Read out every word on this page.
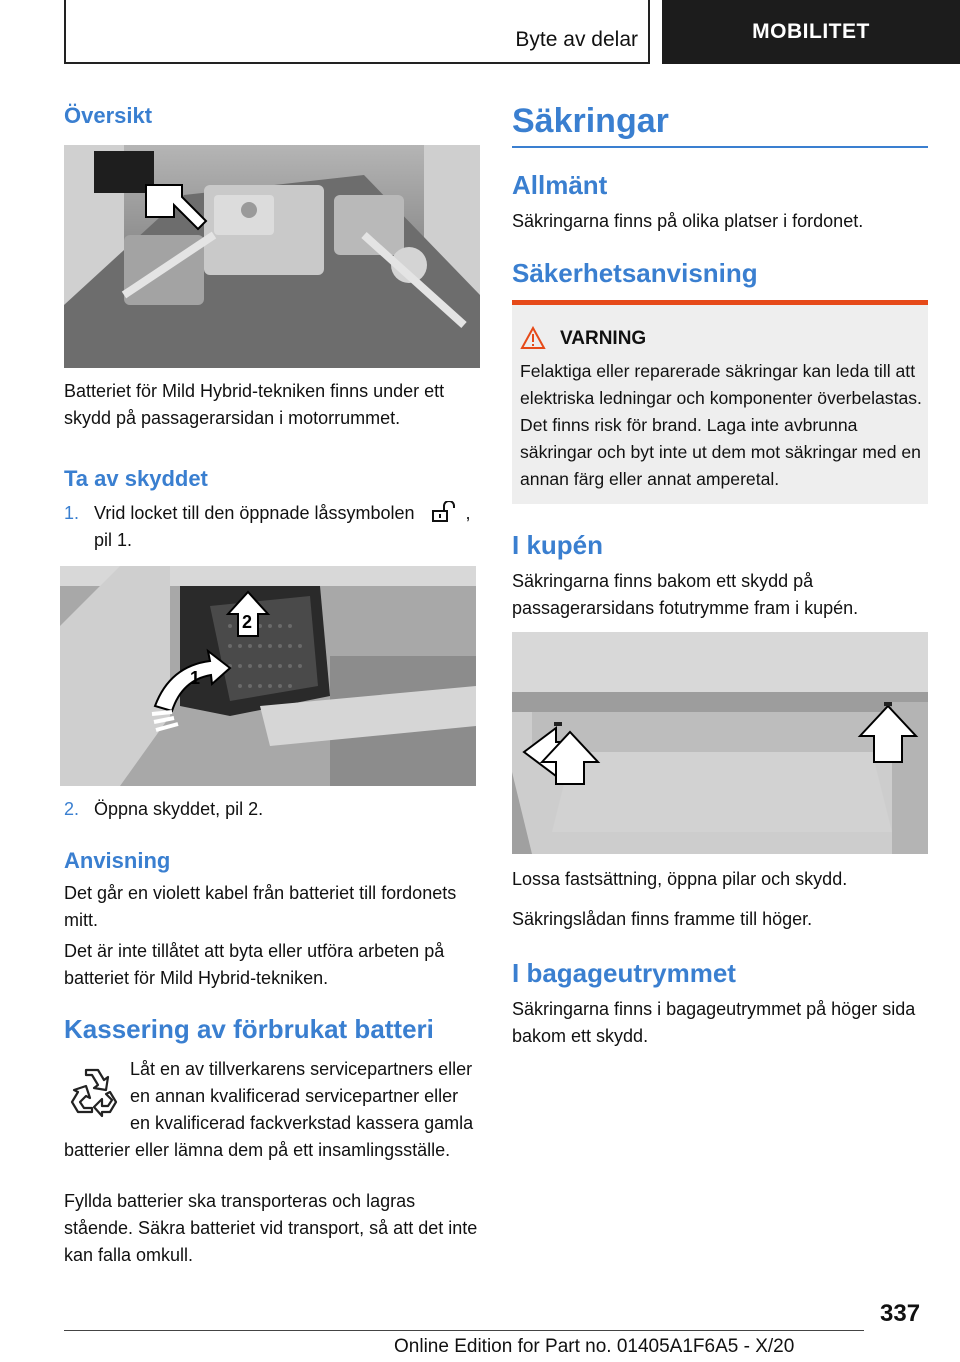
Byte av delar	MOBILITET
Översikt

Batteriet för Mild Hybrid-tekniken finns under ett skydd på passagerarsidan i motorrummet.

Ta av skyddet
1. Vrid locket till den öppnade låssymbolen	,
pil 1.
2
1
2. Öppna skyddet, pil 2.
Anvisning

Det går en violett kabel från batteriet till fordonets mitt.

Det är inte tillåtet att byta eller utföra arbeten på batteriet för Mild Hybrid-tekniken.

Kassering av förbrukat batteri

Låt en av tillverkarens servicepartners eller en annan kvalificerad servicepartner eller en kvalificerad fackverkstad kassera gamla batterier eller lämna dem på ett insamlingsställe.

Fyllda batterier ska transporteras och lagras stående. Säkra batteriet vid transport, så att det inte kan falla omkull.

Säkringar
Allmänt

Säkringarna finns på olika platser i fordonet.

Säkerhetsanvisning
VARNING

Felaktiga eller reparerade säkringar kan leda till att elektriska ledningar och komponenter överbelastas. Det finns risk för brand. Laga inte avbrunna säkringar och byt inte ut dem mot säkringar med en annan färg eller annat amperetal.

I kupén

Säkringarna finns bakom ett skydd på passagerarsidans fotutrymme fram i kupén.

Lossa fastsättning, öppna pilar och skydd.

Säkringslådan finns framme till höger.

I bagageutrymmet

Säkringarna finns i bagageutrymmet på höger sida bakom ett skydd.

337
Online Edition for Part no. 01405A1F6A5 - X/20
